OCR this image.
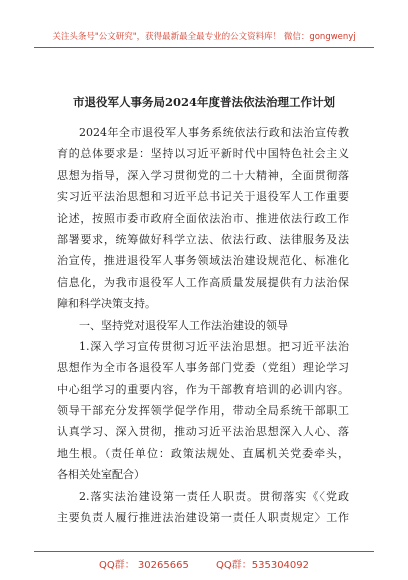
关注头条号"公文研究"，获得最新最全最专业的公文资料库！ 微信：gongwenyj
市退役军人事务局2024年度普法依法治理工作计划
2024年全市退役军人事务系统依法行政和法治宣传教
育的总体要求是：坚持以习近平新时代中国特色社会主义
思想为指导，深入学习贯彻党的二十大精神，全面贯彻落
实习近平法治思想和习近平总书记关于退役军人工作重要
论述，按照市委市政府全面依法治市、推进依法行政工作
部署要求，统筹做好科学立法、依法行政、法律服务及法
治宣传，推进退役军人事务领域法治建设规范化、标准化
信息化，为我市退役军人工作高质量发展提供有力法治保
障和科学决策支持。
一、坚持党对退役军人工作法治建设的领导
1.深入学习宣传贯彻习近平法治思想。把习近平法治
思想作为全市各退役军人事务部门党委（党组）理论学习
中心组学习的重要内容，作为干部教育培训的必训内容。
领导干部充分发挥领学促学作用，带动全局系统干部职工
认真学习、深入贯彻，推动习近平法治思想深入人心、落
地生根。（责任单位：政策法规处、直属机关党委牵头，
各相关处室配合）
2.落实法治建设第一责任人职责。贯彻落实《〈党政
主要负责人履行推进法治建设第一责任人职责规定〉工作
QQ群： 30265665	QQ群：535304092
